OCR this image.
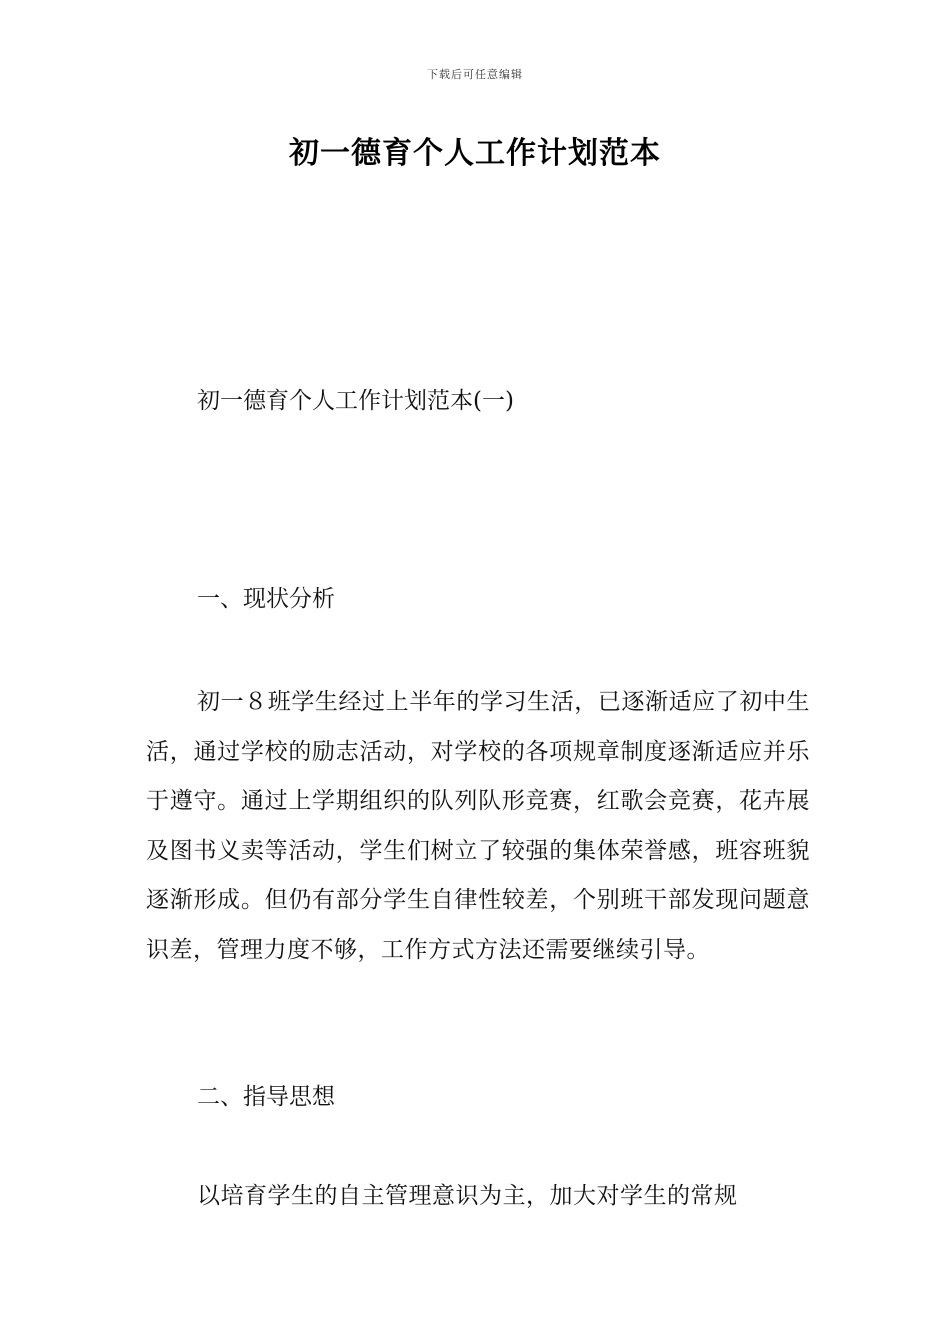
下载后可任意编辑
初一德育个人工作计划范本
初一德育个人工作计划范本(一)
一、现状分析
初一８班学生经过上半年的学习生活，已逐渐适应了初中生活，通过学校的励志活动，对学校的各项规章制度逐渐适应并乐于遵守。通过上学期组织的队列队形竞赛，红歌会竞赛，花卉展及图书义卖等活动，学生们树立了较强的集体荣誉感，班容班貌逐渐形成。但仍有部分学生自律性较差，个别班干部发现问题意识差，管理力度不够，工作方式方法还需要继续引导。
二、指导思想
以培育学生的自主管理意识为主，加大对学生的常规
